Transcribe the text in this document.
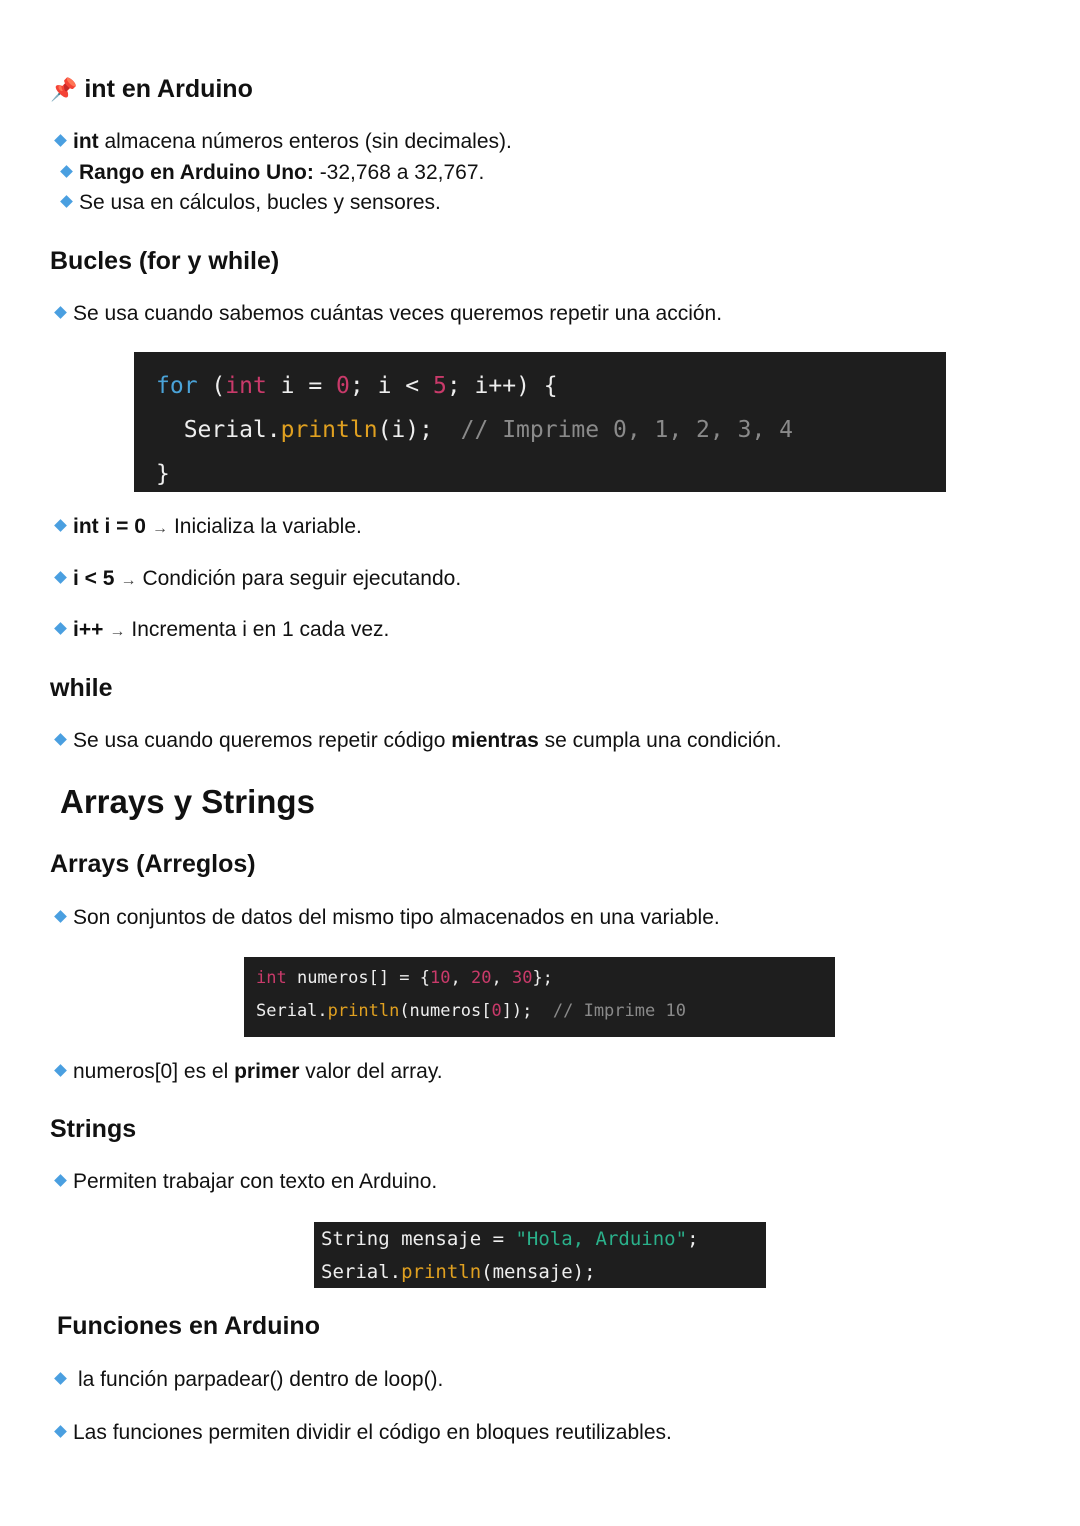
📌 int en Arduino
int almacena números enteros (sin decimales).
Rango en Arduino Uno: -32,768 a 32,767.
Se usa en cálculos, bucles y sensores.
Bucles (for y while)
Se usa cuando sabemos cuántas veces queremos repetir una acción.
for (int i = 0; i < 5; i++) {
Serial.println(i);  // Imprime 0, 1, 2, 3, 4
}
int i = 0 → Inicializa la variable.
i < 5 → Condición para seguir ejecutando.
i++ → Incrementa i en 1 cada vez.
while
Se usa cuando queremos repetir código mientras se cumpla una condición.
Arrays y Strings
Arrays (Arreglos)
Son conjuntos de datos del mismo tipo almacenados en una variable.
int numeros[] = {10, 20, 30};
Serial.println(numeros[0]);  // Imprime 10
numeros[0] es el primer valor del array.
Strings
Permiten trabajar con texto en Arduino.
String mensaje = "Hola, Arduino";
Serial.println(mensaje);
Funciones en Arduino
la función parpadear() dentro de loop().
Las funciones permiten dividir el código en bloques reutilizables.
